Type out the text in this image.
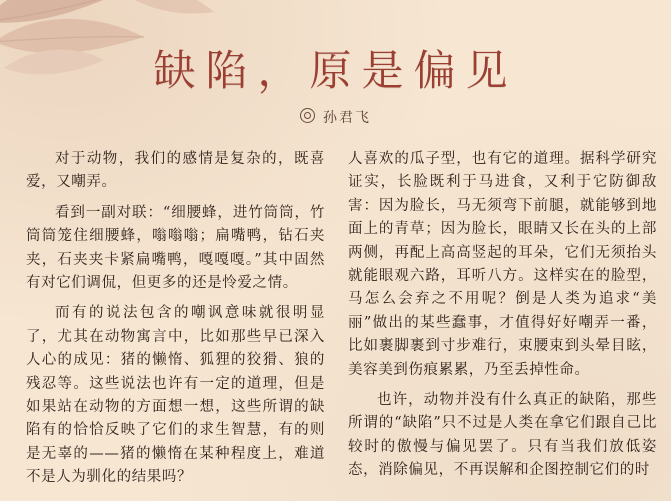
缺陷，原是偏见
孙君飞

对于动物，我们的感情是复杂的，既喜爱，又嘲弄。

看到一副对联：“细腰蜂，进竹筒筒，竹筒筒笼住细腰蜂，嗡嗡嗡；扁嘴鸭，钻石夹夹，石夹夹卡紧扁嘴鸭，嘎嘎嘎。”其中固然有对它们调侃，但更多的还是怜爱之情。

而有的说法包含的嘲讽意味就很明显了，尤其在动物寓言中，比如那些早已深入人心的成见：猪的懒惰、狐狸的狡猾、狼的残忍等。这些说法也许有一定的道理，但是如果站在动物的方面想一想，这些所谓的缺陷有的恰恰反映了它们的求生智慧，有的则是无辜的——猪的懒惰在某种程度上，难道不是人为驯化的结果吗？

人喜欢的瓜子型，也有它的道理。据科学研究证实，长脸既利于马进食，又利于它防御敌害：因为脸长，马无须弯下前腿，就能够到地面上的青草；因为脸长，眼睛又长在头的上部两侧，再配上高高竖起的耳朵，它们无须抬头就能眼观六路，耳听八方。这样实在的脸型，马怎么会弃之不用呢？倒是人类为追求“美丽”做出的某些蠢事，才值得好好嘲弄一番，比如裹脚裹到寸步难行，束腰束到头晕目眩，美容美到伤痕累累，乃至丢掉性命。

也许，动物并没有什么真正的缺陷，那些所谓的“缺陷”只不过是人类在拿它们跟自己比较时的傲慢与偏见罢了。只有当我们放低姿态，消除偏见，不再误解和企图控制它们的时
